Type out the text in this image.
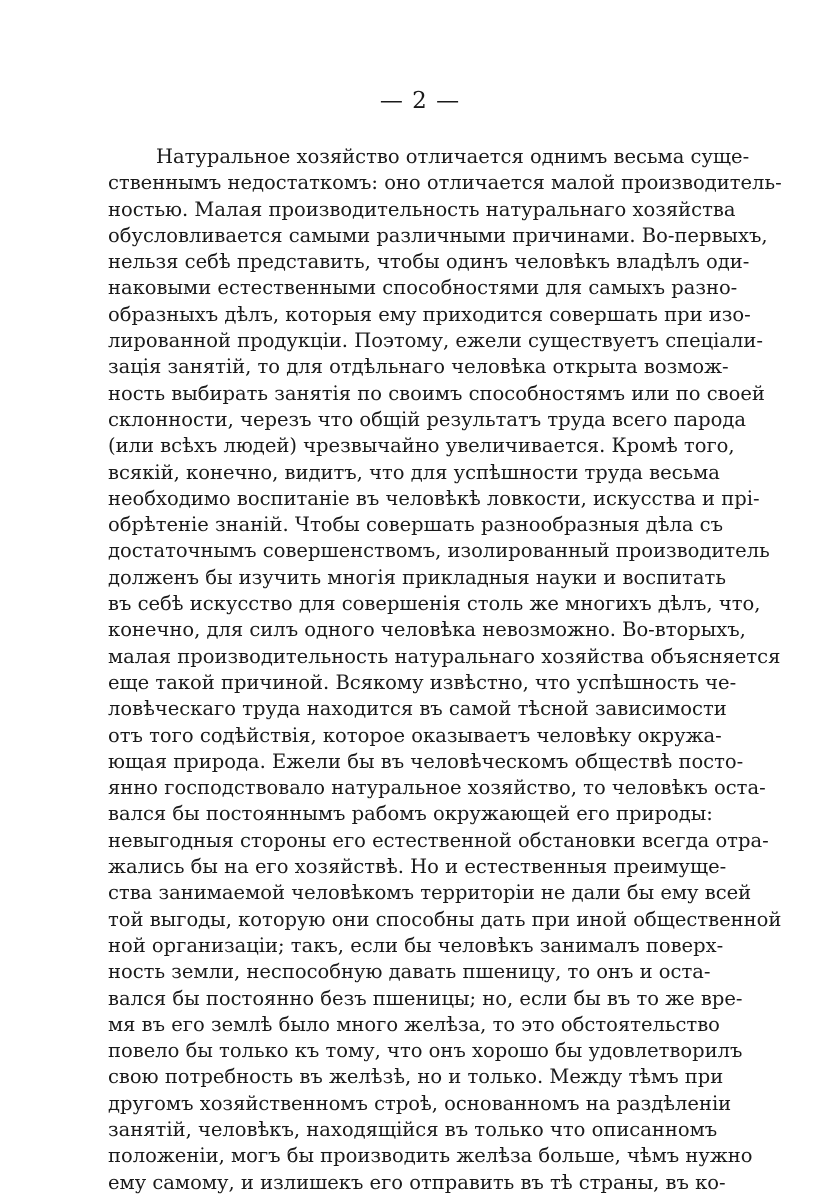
— 2 —
Натуральное хозяйство отличается однимъ весьма суще-
ственнымъ недостаткомъ: оно отличается малой производитель-
ностью. Малая производительность натуральнаго хозяйства
обусловливается самыми различными причинами. Во-первыхъ,
нельзя себѣ представить, чтобы одинъ человѣкъ владѣлъ оди-
наковыми естественными способностями для самыхъ разно-
образныхъ дѣлъ, которыя ему приходится совершать при изо-
лированной продукціи. Поэтому, ежели существуетъ спеціали-
зація занятій, то для отдѣльнаго человѣка открыта возмож-
ность выбирать занятія по своимъ способностямъ или по своей
склонности, черезъ что общій результатъ труда всего парода
(или всѣхъ людей) чрезвычайно увеличивается. Кромѣ того,
всякій, конечно, видитъ, что для успѣшности труда весьма
необходимо воспитаніе въ человѣкѣ ловкости, искусства и прі-
обрѣтеніе знаній. Чтобы совершать разнообразныя дѣла съ
достаточнымъ совершенствомъ, изолированный производитель
долженъ бы изучить многія прикладныя науки и воспитать
въ себѣ искусство для совершенія столь же многихъ дѣлъ, что,
конечно, для силъ одного человѣка невозможно. Во-вторыхъ,
малая производительность натуральнаго хозяйства объясняется
еще такой причиной. Всякому извѣстно, что успѣшность че-
ловѣческаго труда находится въ самой тѣсной зависимости
отъ того содѣйствія, которое оказываетъ человѣку окружа-
ющая природа. Ежели бы въ человѣческомъ обществѣ посто-
янно господствовало натуральное хозяйство, то человѣкъ оста-
вался бы постояннымъ рабомъ окружающей его природы:
невыгодныя стороны его естественной обстановки всегда отра-
жались бы на его хозяйствѣ. Но и естественныя преимуще-
ства занимаемой человѣкомъ территоріи не дали бы ему всей
той выгоды, которую они способны дать при иной общественной
ной организаціи; такъ, если бы человѣкъ занималъ поверх-
ность земли, неспособную давать пшеницу, то онъ и оста-
вался бы постоянно безъ пшеницы; но, если бы въ то же вре-
мя въ его землѣ было много желѣза, то это обстоятельство
повело бы только къ тому, что онъ хорошо бы удовлетворилъ
свою потребность въ желѣзѣ, но и только. Между тѣмъ при
другомъ хозяйственномъ строѣ, основанномъ на раздѣленіи
занятій, человѣкъ, находящійся въ только что описанномъ
положеніи, могъ бы производить желѣза больше, чѣмъ нужно
ему самому, и излишекъ его отправить въ тѣ страны, въ ко-
